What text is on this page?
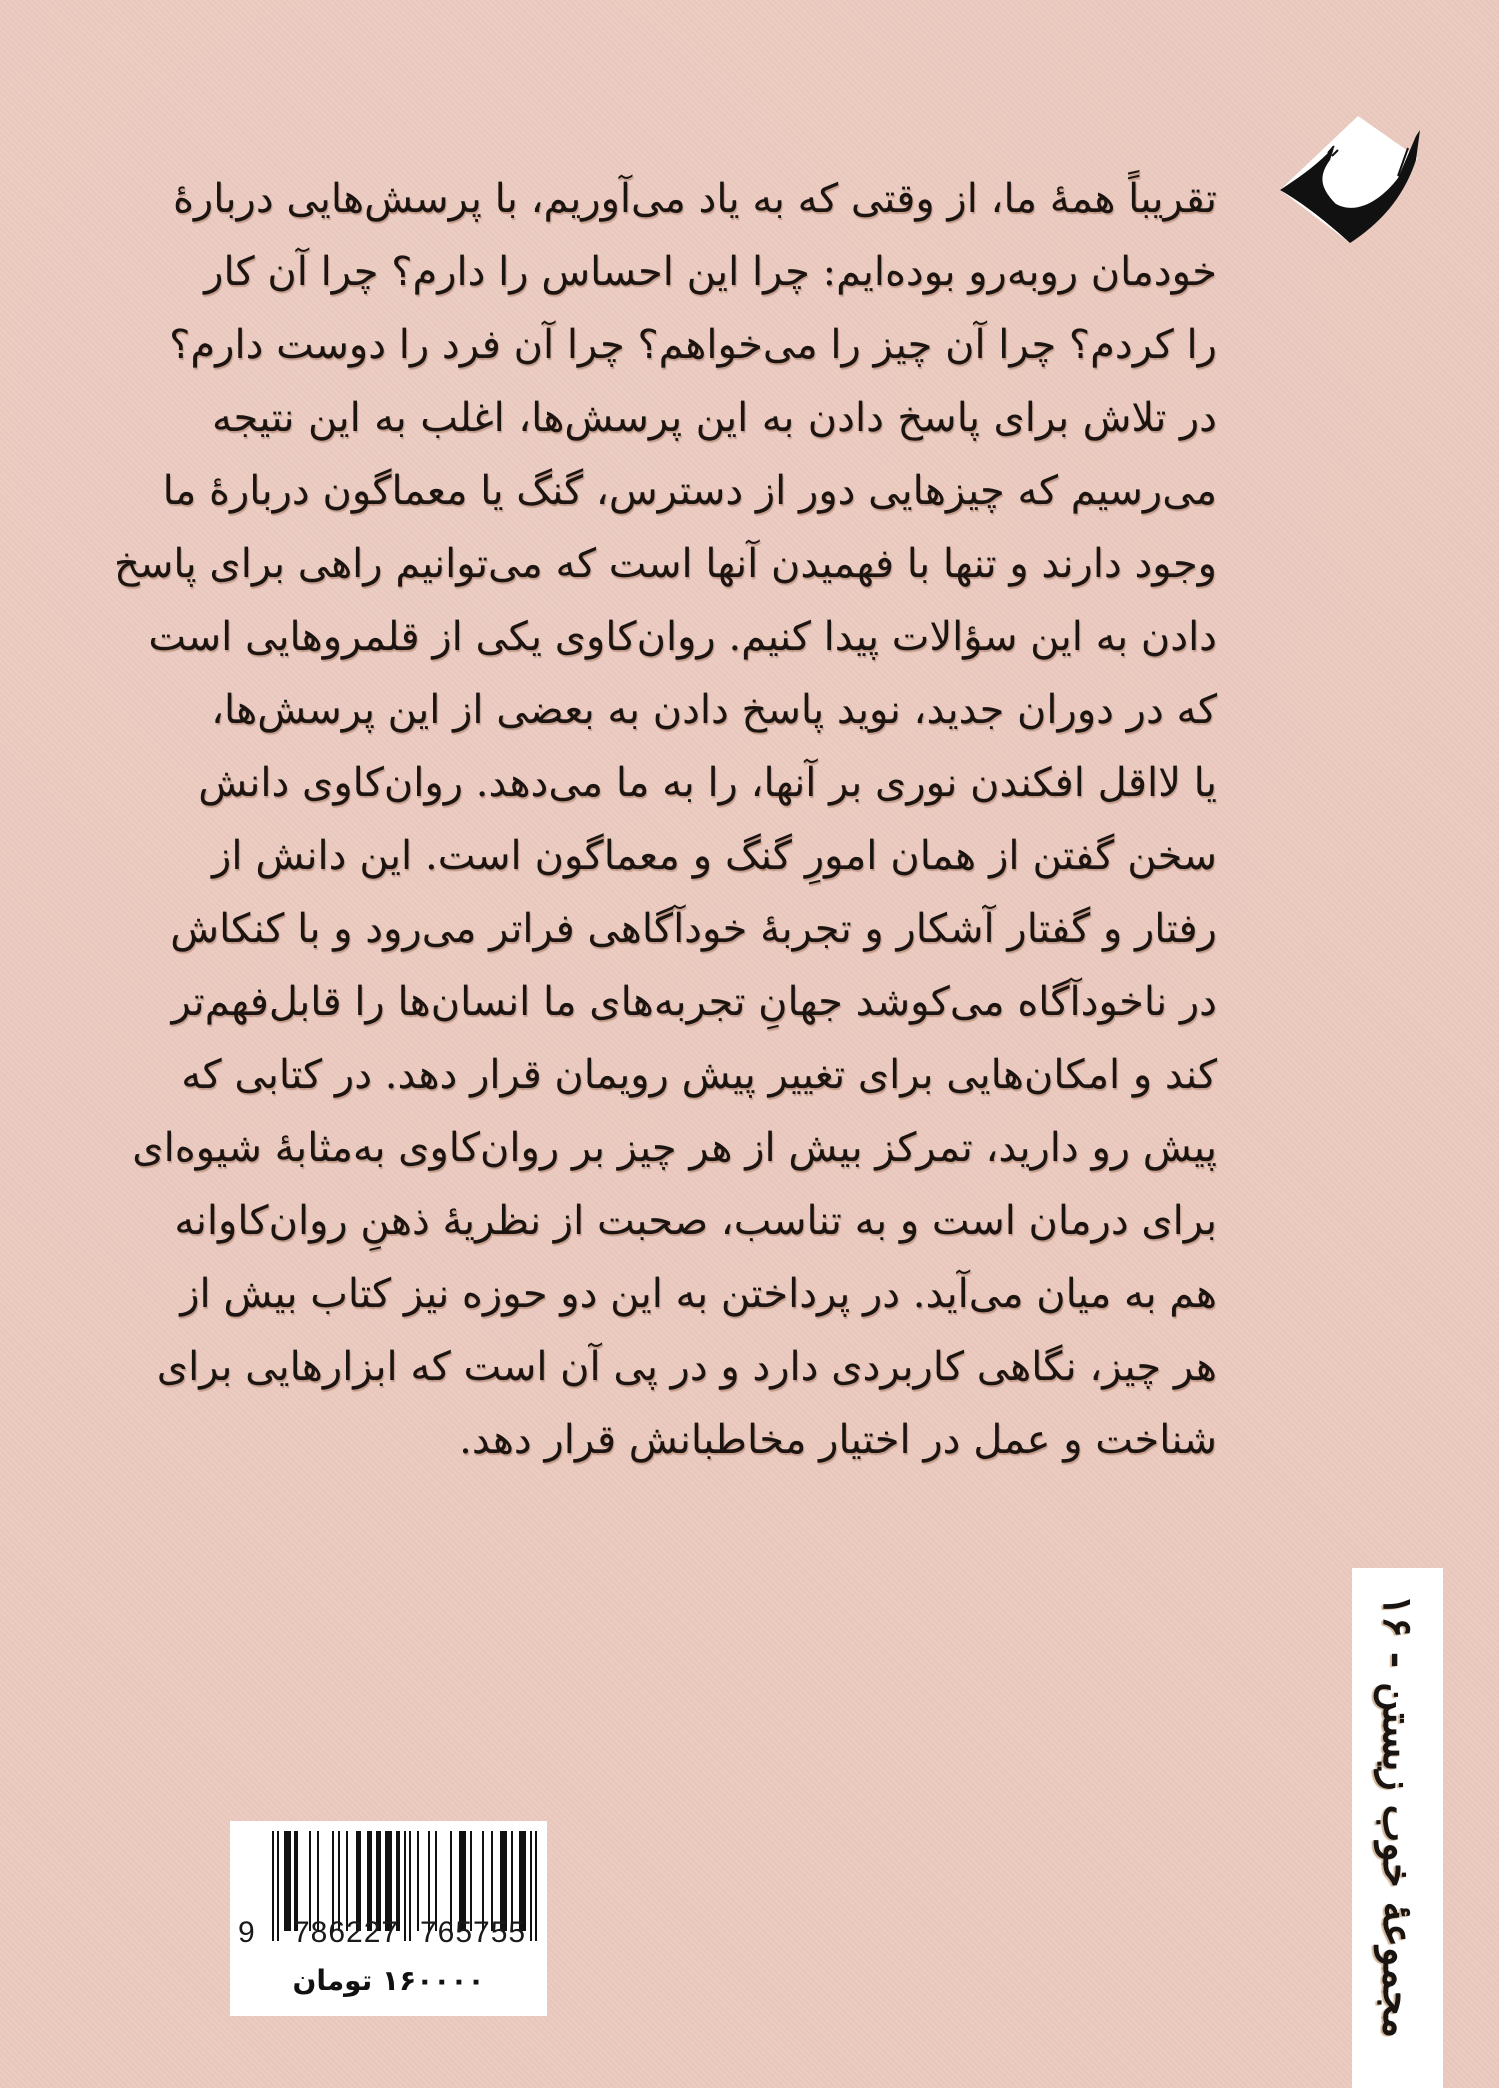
تقریباً همهٔ ما، از وقتی که به یاد می‌آوریم، با پرسش‌هایی دربارهٔ
خودمان روبه‌رو بوده‌ایم: چرا این احساس را دارم؟ چرا آن کار
را کردم؟ چرا آن چیز را می‌خواهم؟ چرا آن فرد را دوست دارم؟
در تلاش برای پاسخ دادن به این پرسش‌ها، اغلب به این نتیجه
می‌رسیم که چیزهایی دور از دسترس، گنگ یا معماگون دربارهٔ ما
وجود دارند و تنها با فهمیدن آنها است که می‌توانیم راهی برای پاسخ
دادن به این سؤالات پیدا کنیم. روان‌کاوی یکی از قلمروهایی است
که در دوران جدید، نوید پاسخ دادن به بعضی از این پرسش‌ها،
یا لااقل افکندن نوری بر آنها، را به ما می‌دهد. روان‌کاوی دانش
سخن گفتن از همان امورِ گنگ و معماگون است. این دانش از
رفتار و گفتار آشکار و تجربهٔ خودآگاهی فراتر می‌رود و با کنکاش
در ناخودآگاه می‌کوشد جهانِ تجربه‌های ما انسان‌ها را قابل‌فهم‌تر
کند و امکان‌هایی برای تغییر پیش رویمان قرار دهد. در کتابی که
پیش رو دارید، تمرکز بیش از هر چیز بر روان‌کاوی به‌مثابهٔ شیوه‌ای
برای درمان است و به تناسب، صحبت از نظریهٔ ذهنِ روان‌کاوانه
هم به میان می‌آید. در پرداختن به این دو حوزه نیز کتاب بیش از
هر چیز، نگاهی کاربردی دارد و در پی آن است که ابزارهایی برای
شناخت و عمل در اختیار مخاطبانش قرار دهد.
9 786227 765755
۱۶۰۰۰۰ تومان
مجموعهٔ خوب زیستن - ۱۶
